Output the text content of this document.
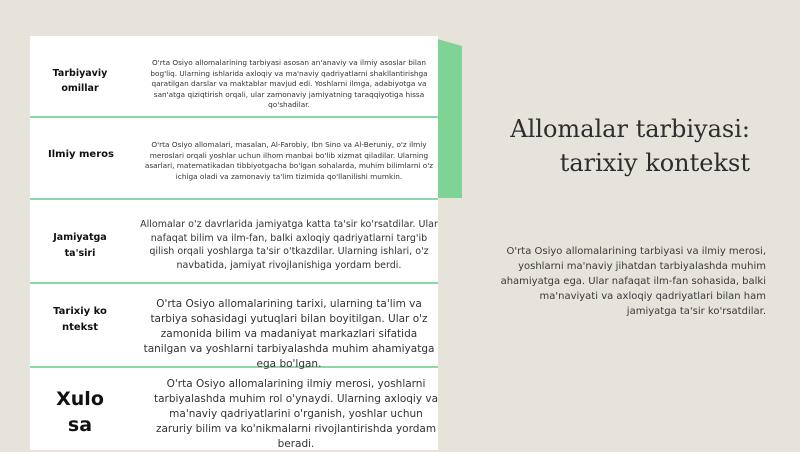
Tarbiyaviy omillar
O'rta Osiyo allomalarining tarbiyasi asosan an'anaviy va ilmiy asoslar bilan bog'liq. Ularning ishlarida axloqiy va ma'naviy qadriyatlarni shakllantirishga qaratilgan darslar va maktablar mavjud edi. Yoshlarni ilmga, adabiyotga va san'atga qiziqtirish orqali, ular zamonaviy jamiyatning taraqqiyotiga hissa qo'shadilar.
Ilmiy meros
O'rta Osiyo allomalari, masalan, Al-Farobiy, Ibn Sino va Al-Beruniy, o'z ilmiy meroslari orqali yoshlar uchun ilhom manbai bo'lib xizmat qiladilar. Ularning asarlari, matematikadan tibbiyotgacha bo'lgan sohalarda, muhim bilimlarni o'z ichiga oladi va zamonaviy ta'lim tizimida qo'llanilishi mumkin.
Jamiyatga ta'siri
Allomalar o'z davrlarida jamiyatga katta ta'sir ko'rsatdilar. Ular nafaqat bilim va ilm-fan, balki axloqiy qadriyatlarni targ'ib qilish orqali yoshlarga ta'sir o'tkazdilar. Ularning ishlari, o'z navbatida, jamiyat rivojlanishiga yordam berdi.
Tarixiy kontekst
O'rta Osiyo allomalarining tarixi, ularning ta'lim va tarbiya sohasidagi yutuqlari bilan boyitilgan. Ular o'z zamonida bilim va madaniyat markazlari sifatida tanilgan va yoshlarni tarbiyalashda muhim ahamiyatga ega bo'lgan.
Xulosa
O'rta Osiyo allomalarining ilmiy merosi, yoshlarni tarbiyalashda muhim rol o'ynaydi. Ularning axloqiy va ma'naviy qadriyatlarini o'rganish, yoshlar uchun zaruriy bilim va ko'nikmalarni rivojlantirishda yordam beradi.
Allomalar tarbiyasi: tarixiy kontekst

O'rta Osiyo allomalarining tarbiyasi va ilmiy merosi, yoshlarni ma'naviy jihatdan tarbiyalashda muhim ahamiyatga ega. Ular nafaqat ilm-fan sohasida, balki ma'naviyati va axloqiy qadriyatlari bilan ham jamiyatga ta'sir ko'rsatdilar.
